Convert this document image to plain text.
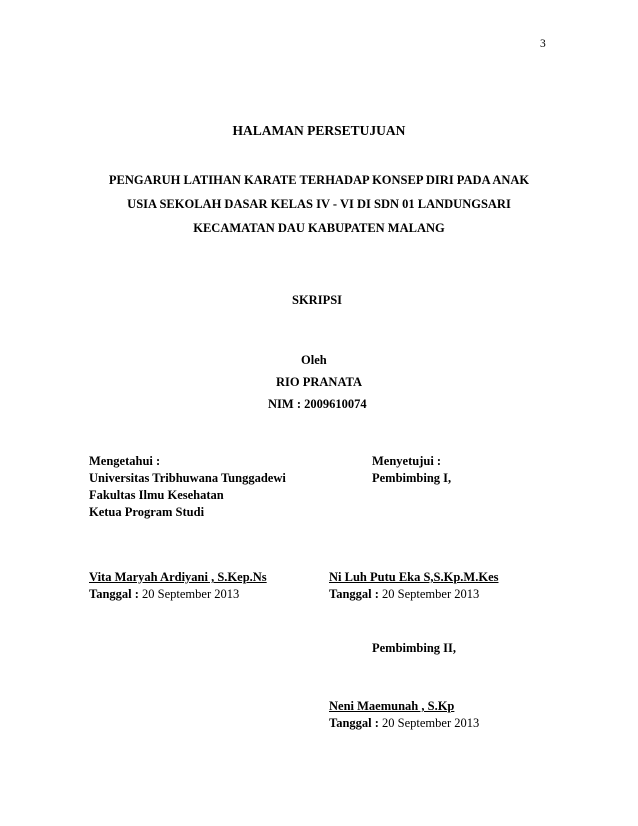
3
HALAMAN PERSETUJUAN
PENGARUH LATIHAN KARATE TERHADAP KONSEP DIRI PADA ANAK
USIA SEKOLAH DASAR KELAS IV - VI DI SDN 01 LANDUNGSARI
KECAMATAN DAU KABUPATEN MALANG
SKRIPSI
Oleh
RIO PRANATA
NIM : 2009610074
Mengetahui :
Universitas Tribhuwana Tunggadewi
Fakultas Ilmu Kesehatan
Ketua Program Studi
Menyetujui :
Pembimbing I,
Vita Maryah Ardiyani , S.Kep.Ns
Tanggal : 20 September 2013
Ni Luh Putu Eka S,S.Kp.M.Kes
Tanggal : 20 September 2013
Pembimbing II,
Neni Maemunah , S.Kp
Tanggal : 20 September 2013
